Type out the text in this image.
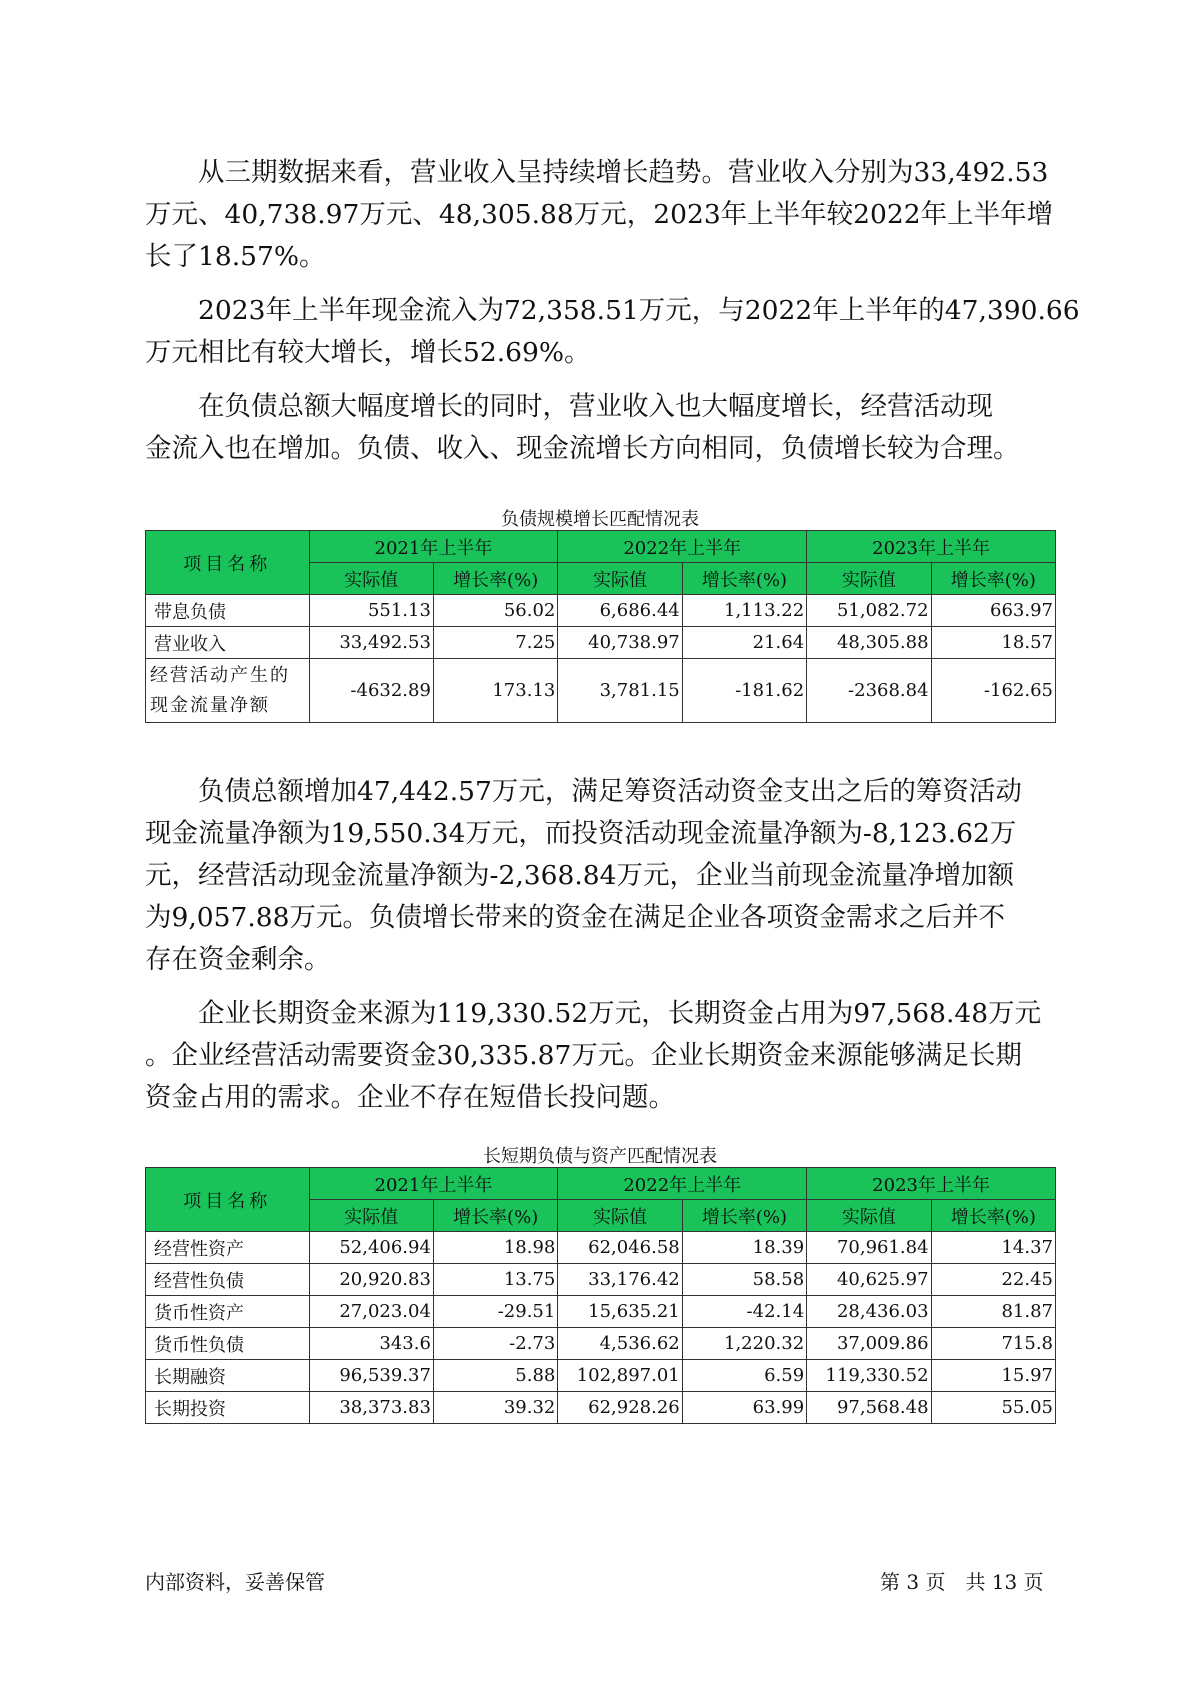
　　从三期数据来看，营业收入呈持续增长趋势。营业收入分别为33,492.53
万元、40,738.97万元、48,305.88万元，2023年上半年较2022年上半年增
长了18.57%。

　　2023年上半年现金流入为72,358.51万元，与2022年上半年的47,390.66
万元相比有较大增长，增长52.69%。

　　在负债总额大幅度增长的同时，营业收入也大幅度增长，经营活动现
金流入也在增加。负债、收入、现金流增长方向相同，负债增长较为合理。

负债规模增长匹配情况表

项目名称	2021年上半年		2022年上半年		2023年上半年	
	实际值	增长率(%)	实际值	增长率(%)	实际值	增长率(%)
带息负债	551.13	56.02	6,686.44	1,113.22	51,082.72	663.97
营业收入	33,492.53	7.25	40,738.97	21.64	48,305.88	18.57
经营活动产生的现金流量净额	-4632.89	173.13	3,781.15	-181.62	-2368.84	-162.65

　　负债总额增加47,442.57万元，满足筹资活动资金支出之后的筹资活动
现金流量净额为19,550.34万元，而投资活动现金流量净额为-8,123.62万
元，经营活动现金流量净额为-2,368.84万元，企业当前现金流量净增加额
为9,057.88万元。负债增长带来的资金在满足企业各项资金需求之后并不
存在资金剩余。

　　企业长期资金来源为119,330.52万元，长期资金占用为97,568.48万元
。企业经营活动需要资金30,335.87万元。企业长期资金来源能够满足长期
资金占用的需求。企业不存在短借长投问题。

长短期负债与资产匹配情况表

项目名称	2021年上半年		2022年上半年		2023年上半年	
	实际值	增长率(%)	实际值	增长率(%)	实际值	增长率(%)
经营性资产	52,406.94	18.98	62,046.58	18.39	70,961.84	14.37
经营性负债	20,920.83	13.75	33,176.42	58.58	40,625.97	22.45
货币性资产	27,023.04	-29.51	15,635.21	-42.14	28,436.03	81.87
货币性负债	343.6	-2.73	4,536.62	1,220.32	37,009.86	715.8
长期融资	96,539.37	5.88	102,897.01	6.59	119,330.52	15.97
长期投资	38,373.83	39.32	62,928.26	63.99	97,568.48	55.05

内部资料，妥善保管	第 3 页　共 13 页
